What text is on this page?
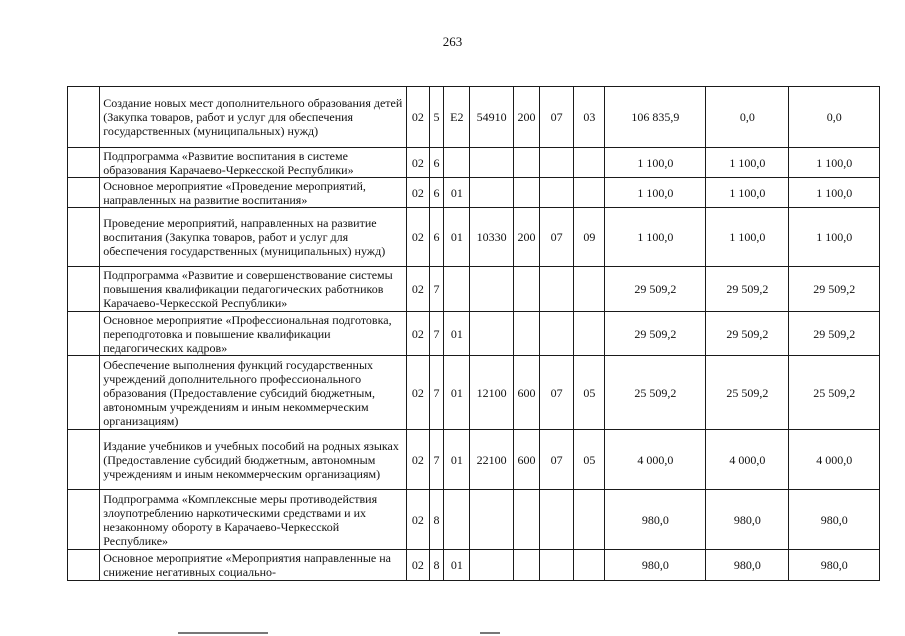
263
	Создание новых мест дополнительного образования детей (Закупка товаров, работ и услуг для обеспечения государственных (муниципальных) нужд)	02	5	Е2	54910	200	07	03	106 835,9	0,0	0,0
	Подпрограмма «Развитие воспитания в системе образования Карачаево-Черкесской Республики»	02	6						1 100,0	1 100,0	1 100,0
	Основное мероприятие «Проведение мероприятий, направленных на развитие воспитания»	02	6	01					1 100,0	1 100,0	1 100,0
	Проведение мероприятий, направленных на развитие воспитания (Закупка товаров, работ и услуг для обеспечения государственных (муниципальных) нужд)	02	6	01	10330	200	07	09	1 100,0	1 100,0	1 100,0
	Подпрограмма «Развитие и совершенствование системы повышения квалификации педагогических работников Карачаево-Черкесской Республики»	02	7						29 509,2	29 509,2	29 509,2
	Основное мероприятие «Профессиональная подготовка, переподготовка и повышение квалификации педагогических кадров»	02	7	01					29 509,2	29 509,2	29 509,2
	Обеспечение выполнения функций государственных учреждений дополнительного профессионального образования (Предоставление субсидий бюджетным, автономным учреждениям и иным некоммерческим организациям)	02	7	01	12100	600	07	05	25 509,2	25 509,2	25 509,2
	Издание учебников и учебных пособий на родных языках (Предоставление субсидий бюджетным, автономным учреждениям и иным некоммерческим организациям)	02	7	01	22100	600	07	05	4 000,0	4 000,0	4 000,0
	Подпрограмма «Комплексные меры противодействия злоупотреблению наркотическими средствами и их незаконному обороту в Карачаево-Черкесской Республике»	02	8						980,0	980,0	980,0
	Основное мероприятие «Мероприятия направленные на снижение негативных социально-	02	8	01					980,0	980,0	980,0
